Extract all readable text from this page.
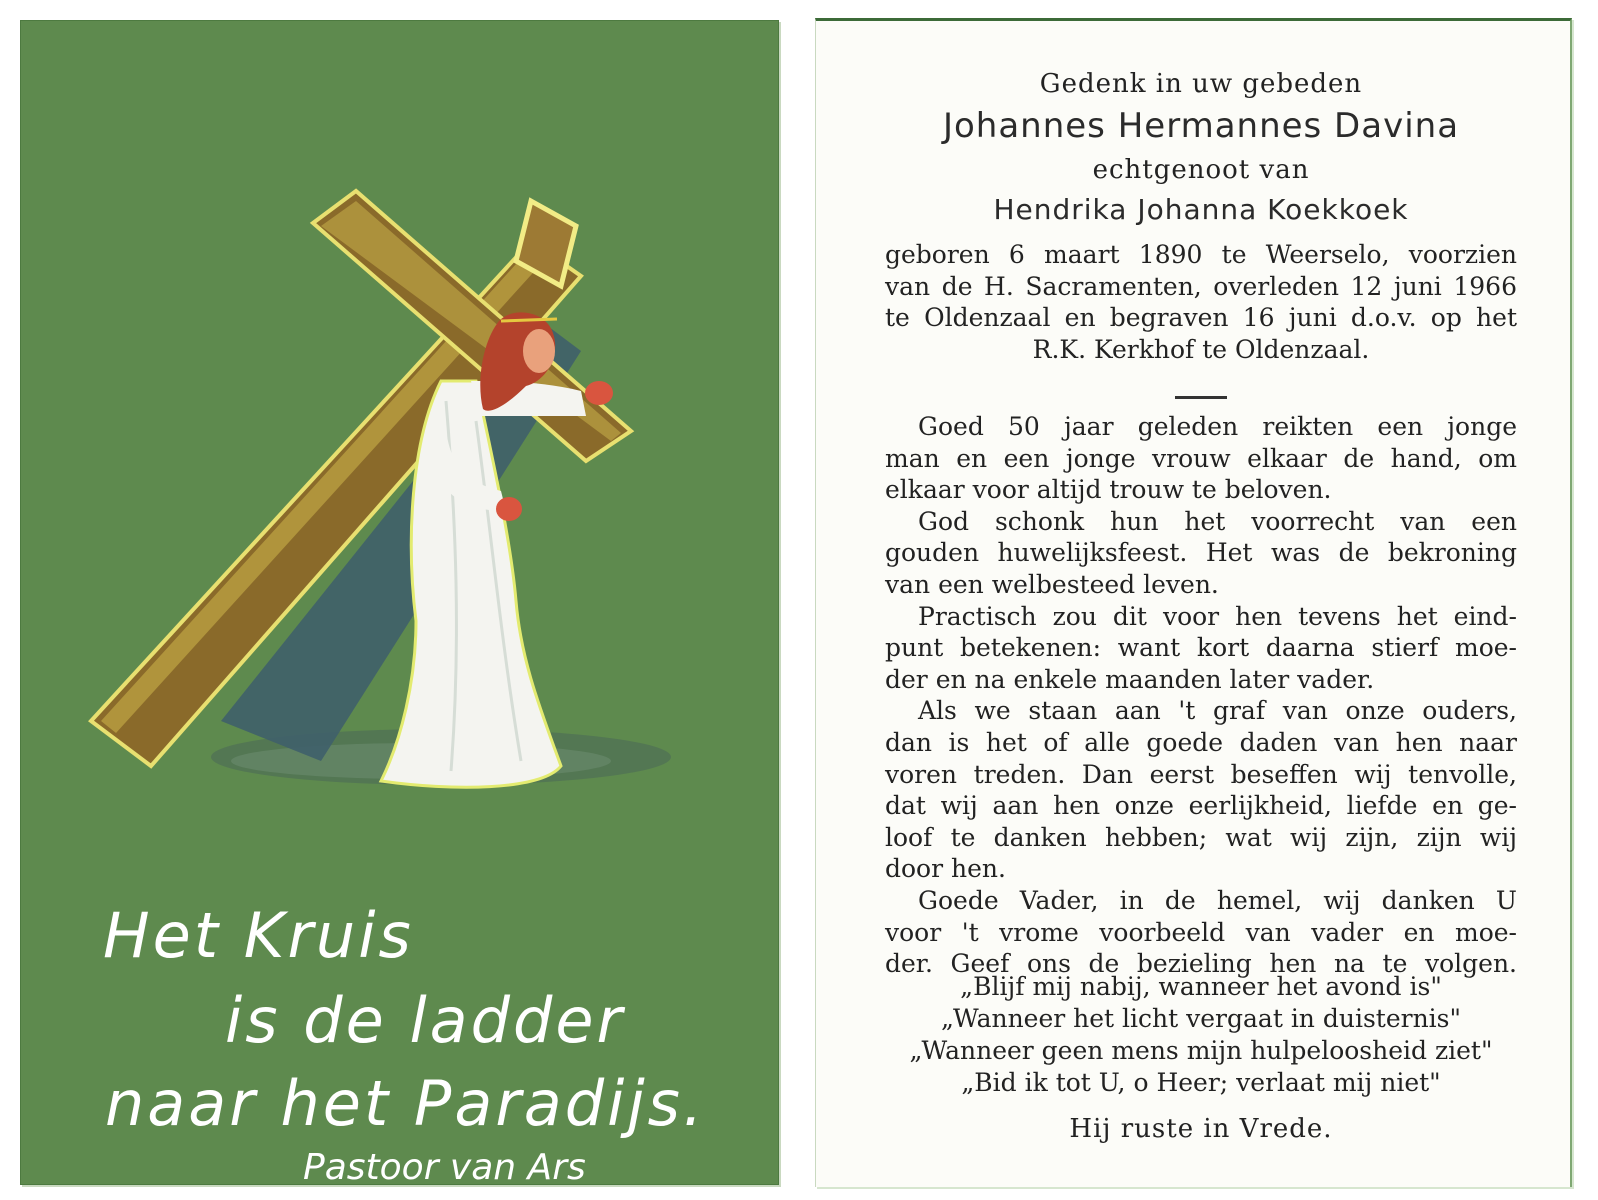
Het Kruis
is de ladder
naar het Paradijs.
Pastoor van Ars
Gedenk in uw gebeden
Johannes Hermannes Davina
echtgenoot van
Hendrika Johanna Koekkoek
geboren 6 maart 1890 te Weerselo, voorzien
van de H. Sacramenten, overleden 12 juni 1966
te Oldenzaal en begraven 16 juni d.o.v. op het
R.K. Kerkhof te Oldenzaal.
Goed 50 jaar geleden reikten een jonge
man en een jonge vrouw elkaar de hand, om
elkaar voor altijd trouw te beloven.
God schonk hun het voorrecht van een
gouden huwelijksfeest. Het was de bekroning
van een welbesteed leven.
Practisch zou dit voor hen tevens het eind-
punt betekenen: want kort daarna stierf moe-
der en na enkele maanden later vader.
Als we staan aan 't graf van onze ouders,
dan is het of alle goede daden van hen naar
voren treden. Dan eerst beseffen wij tenvolle,
dat wij aan hen onze eerlijkheid, liefde en ge-
loof te danken hebben; wat wij zijn, zijn wij
door hen.
Goede Vader, in de hemel, wij danken U
voor 't vrome voorbeeld van vader en moe-
der. Geef ons de bezieling hen na te volgen.
„Blijf mij nabij, wanneer het avond is"
„Wanneer het licht vergaat in duisternis"
„Wanneer geen mens mijn hulpeloosheid ziet"
„Bid ik tot U, o Heer; verlaat mij niet"
Hij ruste in Vrede.
